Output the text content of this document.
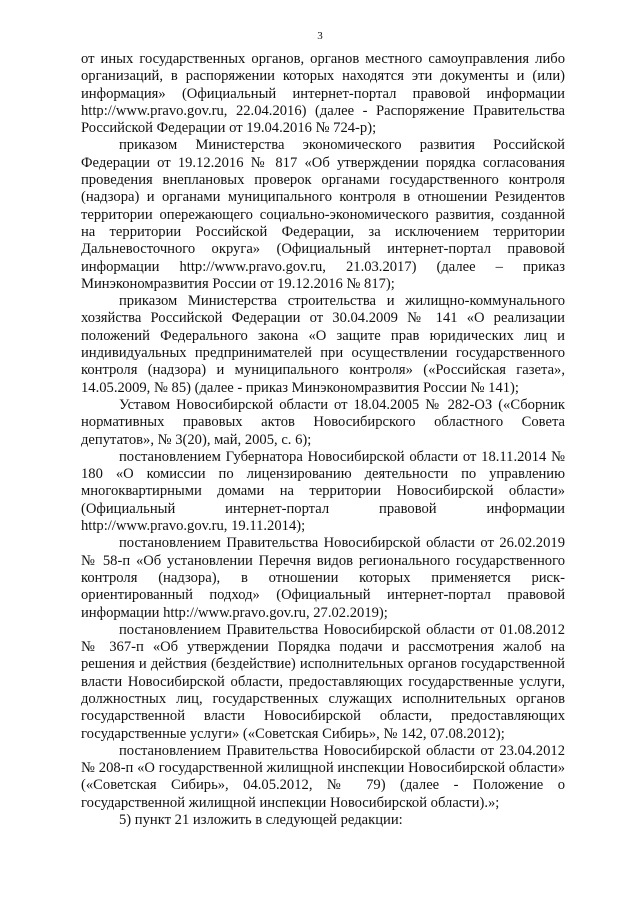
3

от иных государственных органов, органов местного самоуправления либо организаций, в распоряжении которых находятся эти документы и (или) информация» (Официальный интернет-портал правовой информации http://www.pravo.gov.ru, 22.04.2016) (далее - Распоряжение Правительства Российской Федерации от 19.04.2016 № 724-р);

приказом Министерства экономического развития Российской Федерации от 19.12.2016 № 817 «Об утверждении порядка согласования проведения внеплановых проверок органами государственного контроля (надзора) и органами муниципального контроля в отношении Резидентов территории опережающего социально-экономического развития, созданной на территории Российской Федерации, за исключением территории Дальневосточного округа» (Официальный интернет-портал правовой информации http://www.pravo.gov.ru, 21.03.2017) (далее – приказ Минэкономразвития России от 19.12.2016 № 817);

приказом Министерства строительства и жилищно-коммунального хозяйства Российской Федерации от 30.04.2009 № 141 «О реализации положений Федерального закона «О защите прав юридических лиц и индивидуальных предпринимателей при осуществлении государственного контроля (надзора) и муниципального контроля» («Российская газета», 14.05.2009, № 85) (далее - приказ Минэкономразвития России № 141);

Уставом Новосибирской области от 18.04.2005 № 282-ОЗ («Сборник нормативных правовых актов Новосибирского областного Совета депутатов», № 3(20), май, 2005, с. 6);

постановлением Губернатора Новосибирской области от 18.11.2014 № 180 «О комиссии по лицензированию деятельности по управлению многоквартирными домами на территории Новосибирской области» (Официальный интернет-портал правовой информации http://www.pravo.gov.ru, 19.11.2014);

постановлением Правительства Новосибирской области от 26.02.2019 № 58-п «Об установлении Перечня видов регионального государственного контроля (надзора), в отношении которых применяется риск-ориентированный подход» (Официальный интернет-портал правовой информации http://www.pravo.gov.ru, 27.02.2019);

постановлением Правительства Новосибирской области от 01.08.2012 № 367-п «Об утверждении Порядка подачи и рассмотрения жалоб на решения и действия (бездействие) исполнительных органов государственной власти Новосибирской области, предоставляющих государственные услуги, должностных лиц, государственных служащих исполнительных органов государственной власти Новосибирской области, предоставляющих государственные услуги» («Советская Сибирь», № 142, 07.08.2012);

постановлением Правительства Новосибирской области от 23.04.2012 № 208-п «О государственной жилищной инспекции Новосибирской области» («Советская Сибирь», 04.05.2012, № 79) (далее - Положение о государственной жилищной инспекции Новосибирской области).»;

5) пункт 21 изложить в следующей редакции:
